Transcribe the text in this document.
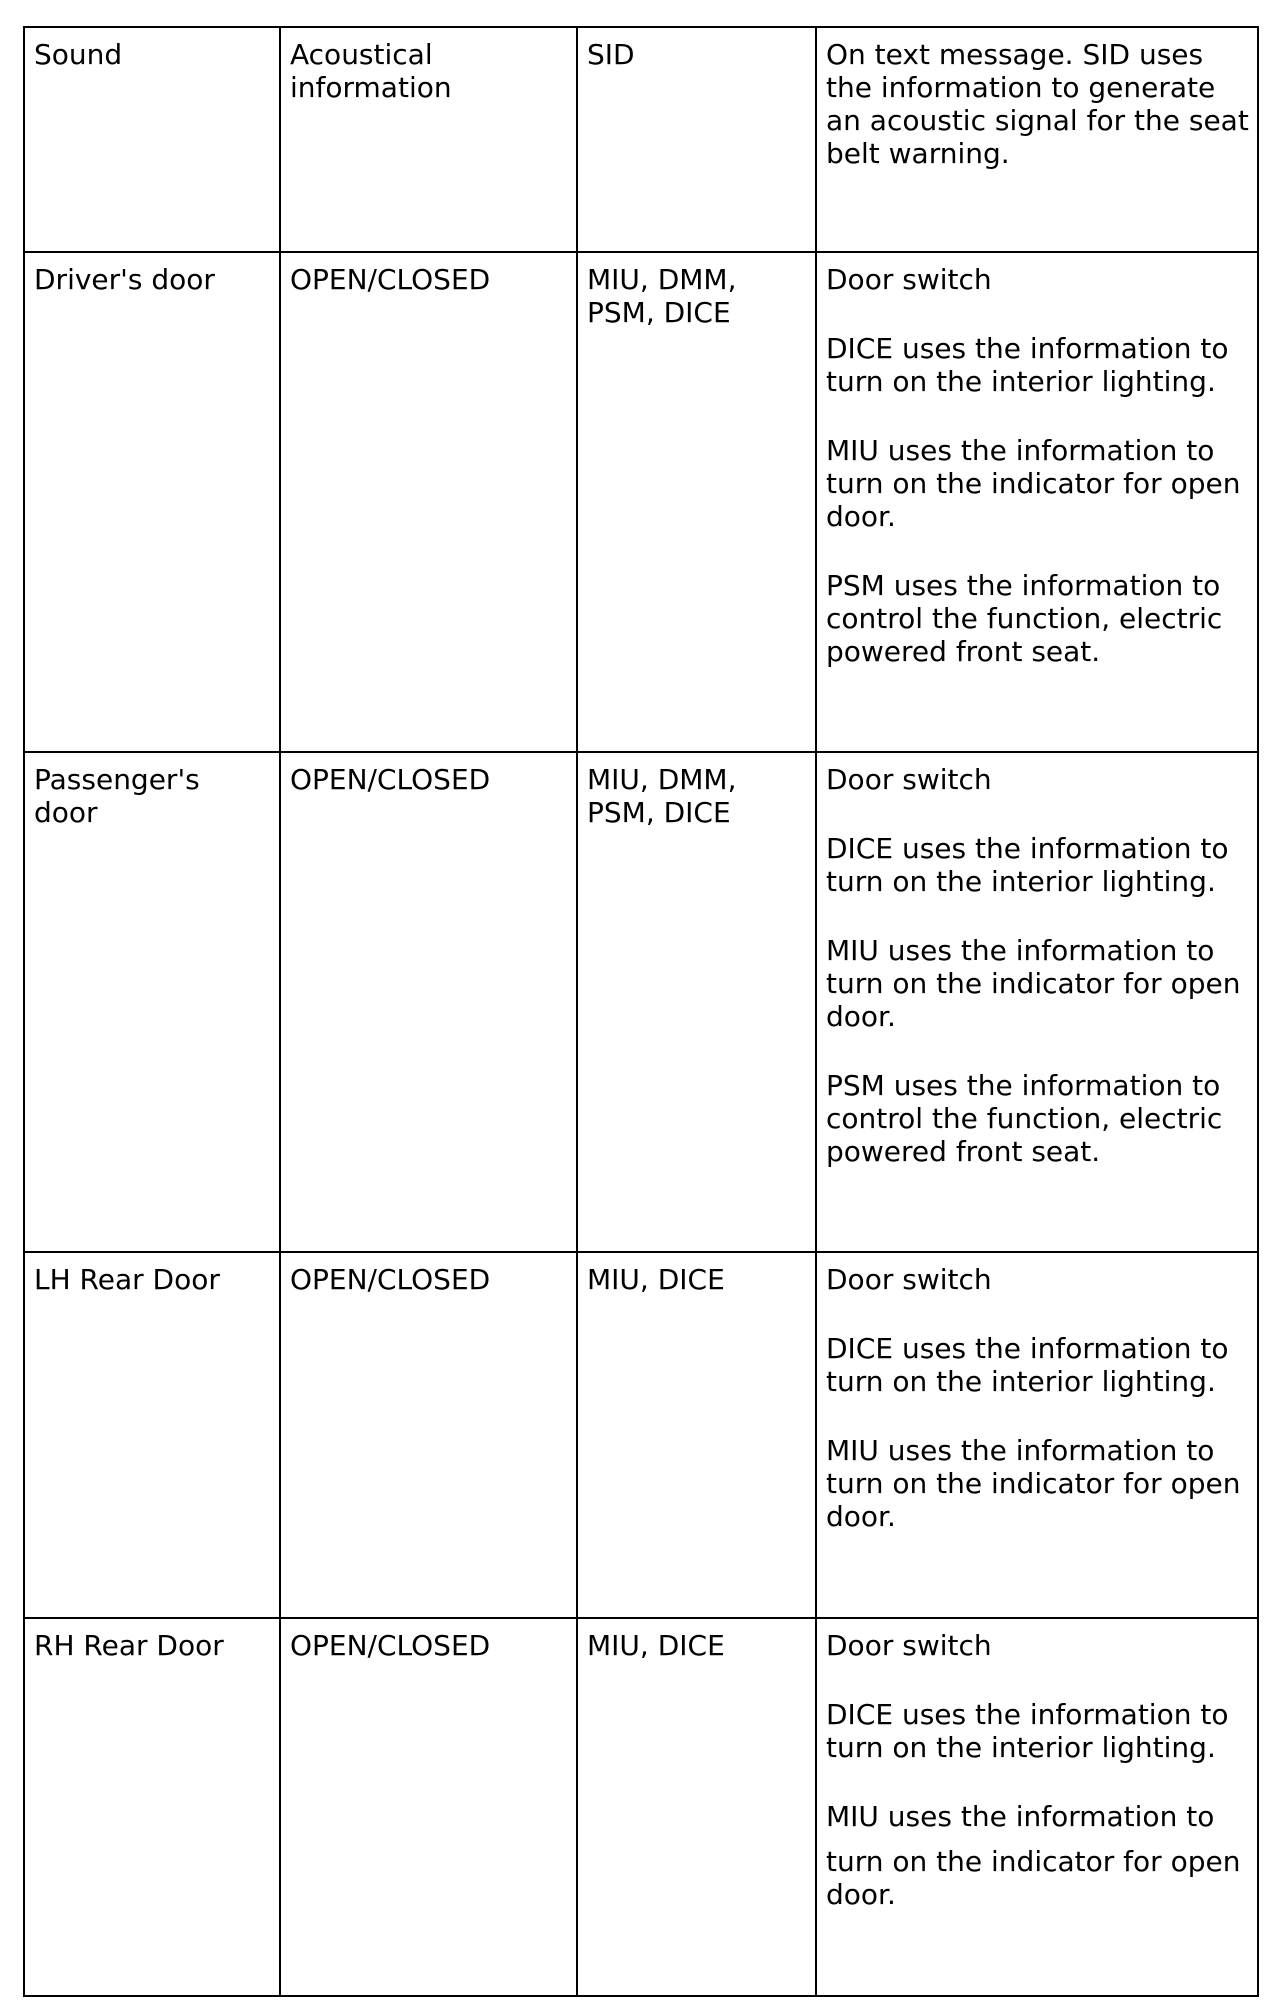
Sound	Acoustical information	SID	On text message. SID uses the information to generate an acoustic signal for the seat belt warning.

Driver's door	OPEN/CLOSED	MIU, DMM, PSM, DICE	Door switch

DICE uses the information to turn on the interior lighting.

MIU uses the information to turn on the indicator for open door.

PSM uses the information to control the function, electric powered front seat.

Passenger's door	OPEN/CLOSED	MIU, DMM, PSM, DICE	Door switch

DICE uses the information to turn on the interior lighting.

MIU uses the information to turn on the indicator for open door.

PSM uses the information to control the function, electric powered front seat.

LH Rear Door	OPEN/CLOSED	MIU, DICE	Door switch

DICE uses the information to turn on the interior lighting.

MIU uses the information to turn on the indicator for open door.

RH Rear Door	OPEN/CLOSED	MIU, DICE	Door switch

DICE uses the information to turn on the interior lighting.

MIU uses the information to

turn on the indicator for open door.
